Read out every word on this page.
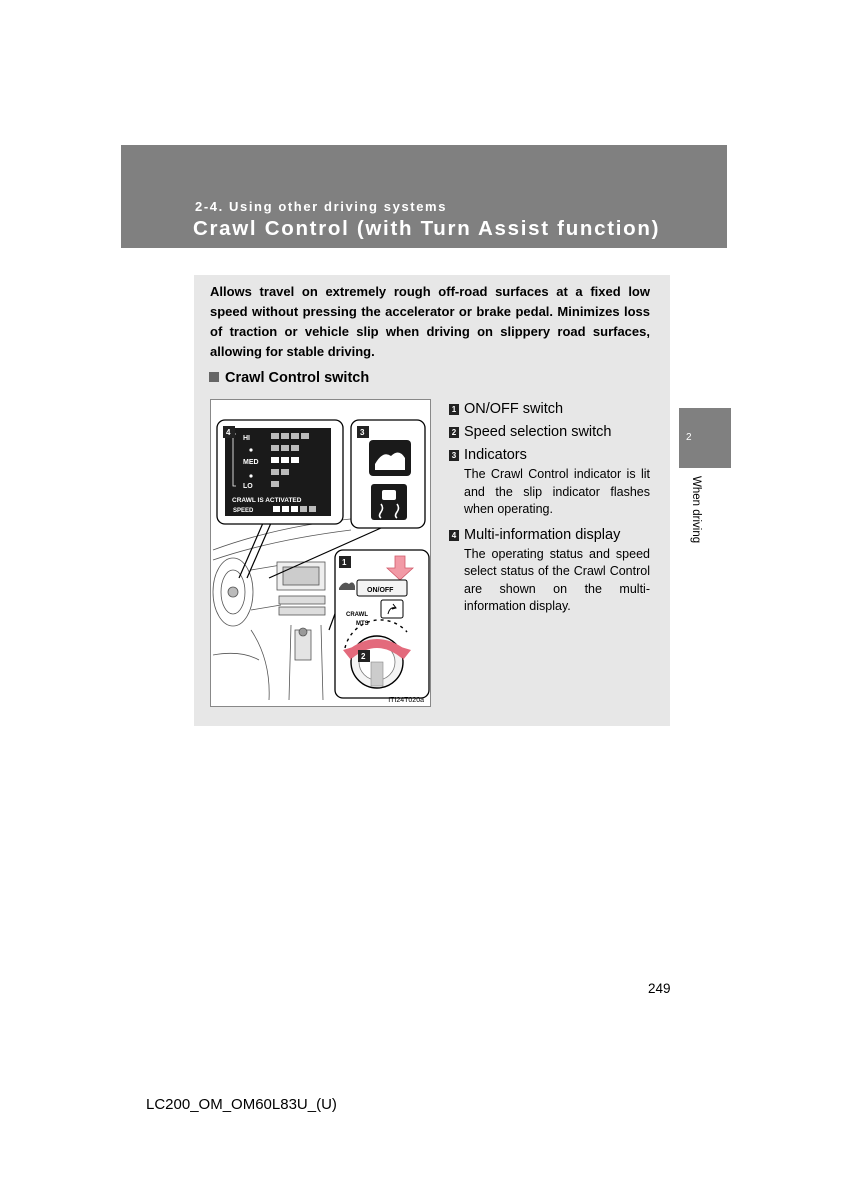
2-4. Using other driving systems
Crawl Control (with Turn Assist function)
Allows travel on extremely rough off-road surfaces at a fixed low speed without pressing the accelerator or brake pedal. Minimizes loss of traction or vehicle slip when driving on slippery road surfaces, allowing for stable driving.
Crawl Control switch
HI
MED
LO
CRAWL IS ACTIVATED
SPEED
ON/OFF
CRAWL
MTS
4	3
1
2
ITI24T020a
1 ON/OFF switch
2 Speed selection switch
3 Indicators
The Crawl Control indicator is lit and the slip indicator flashes when operating.
4 Multi-information display
The operating status and speed select status of the Crawl Control are shown on the multi-information display.
2
When driving
249
LC200_OM_OM60L83U_(U)
